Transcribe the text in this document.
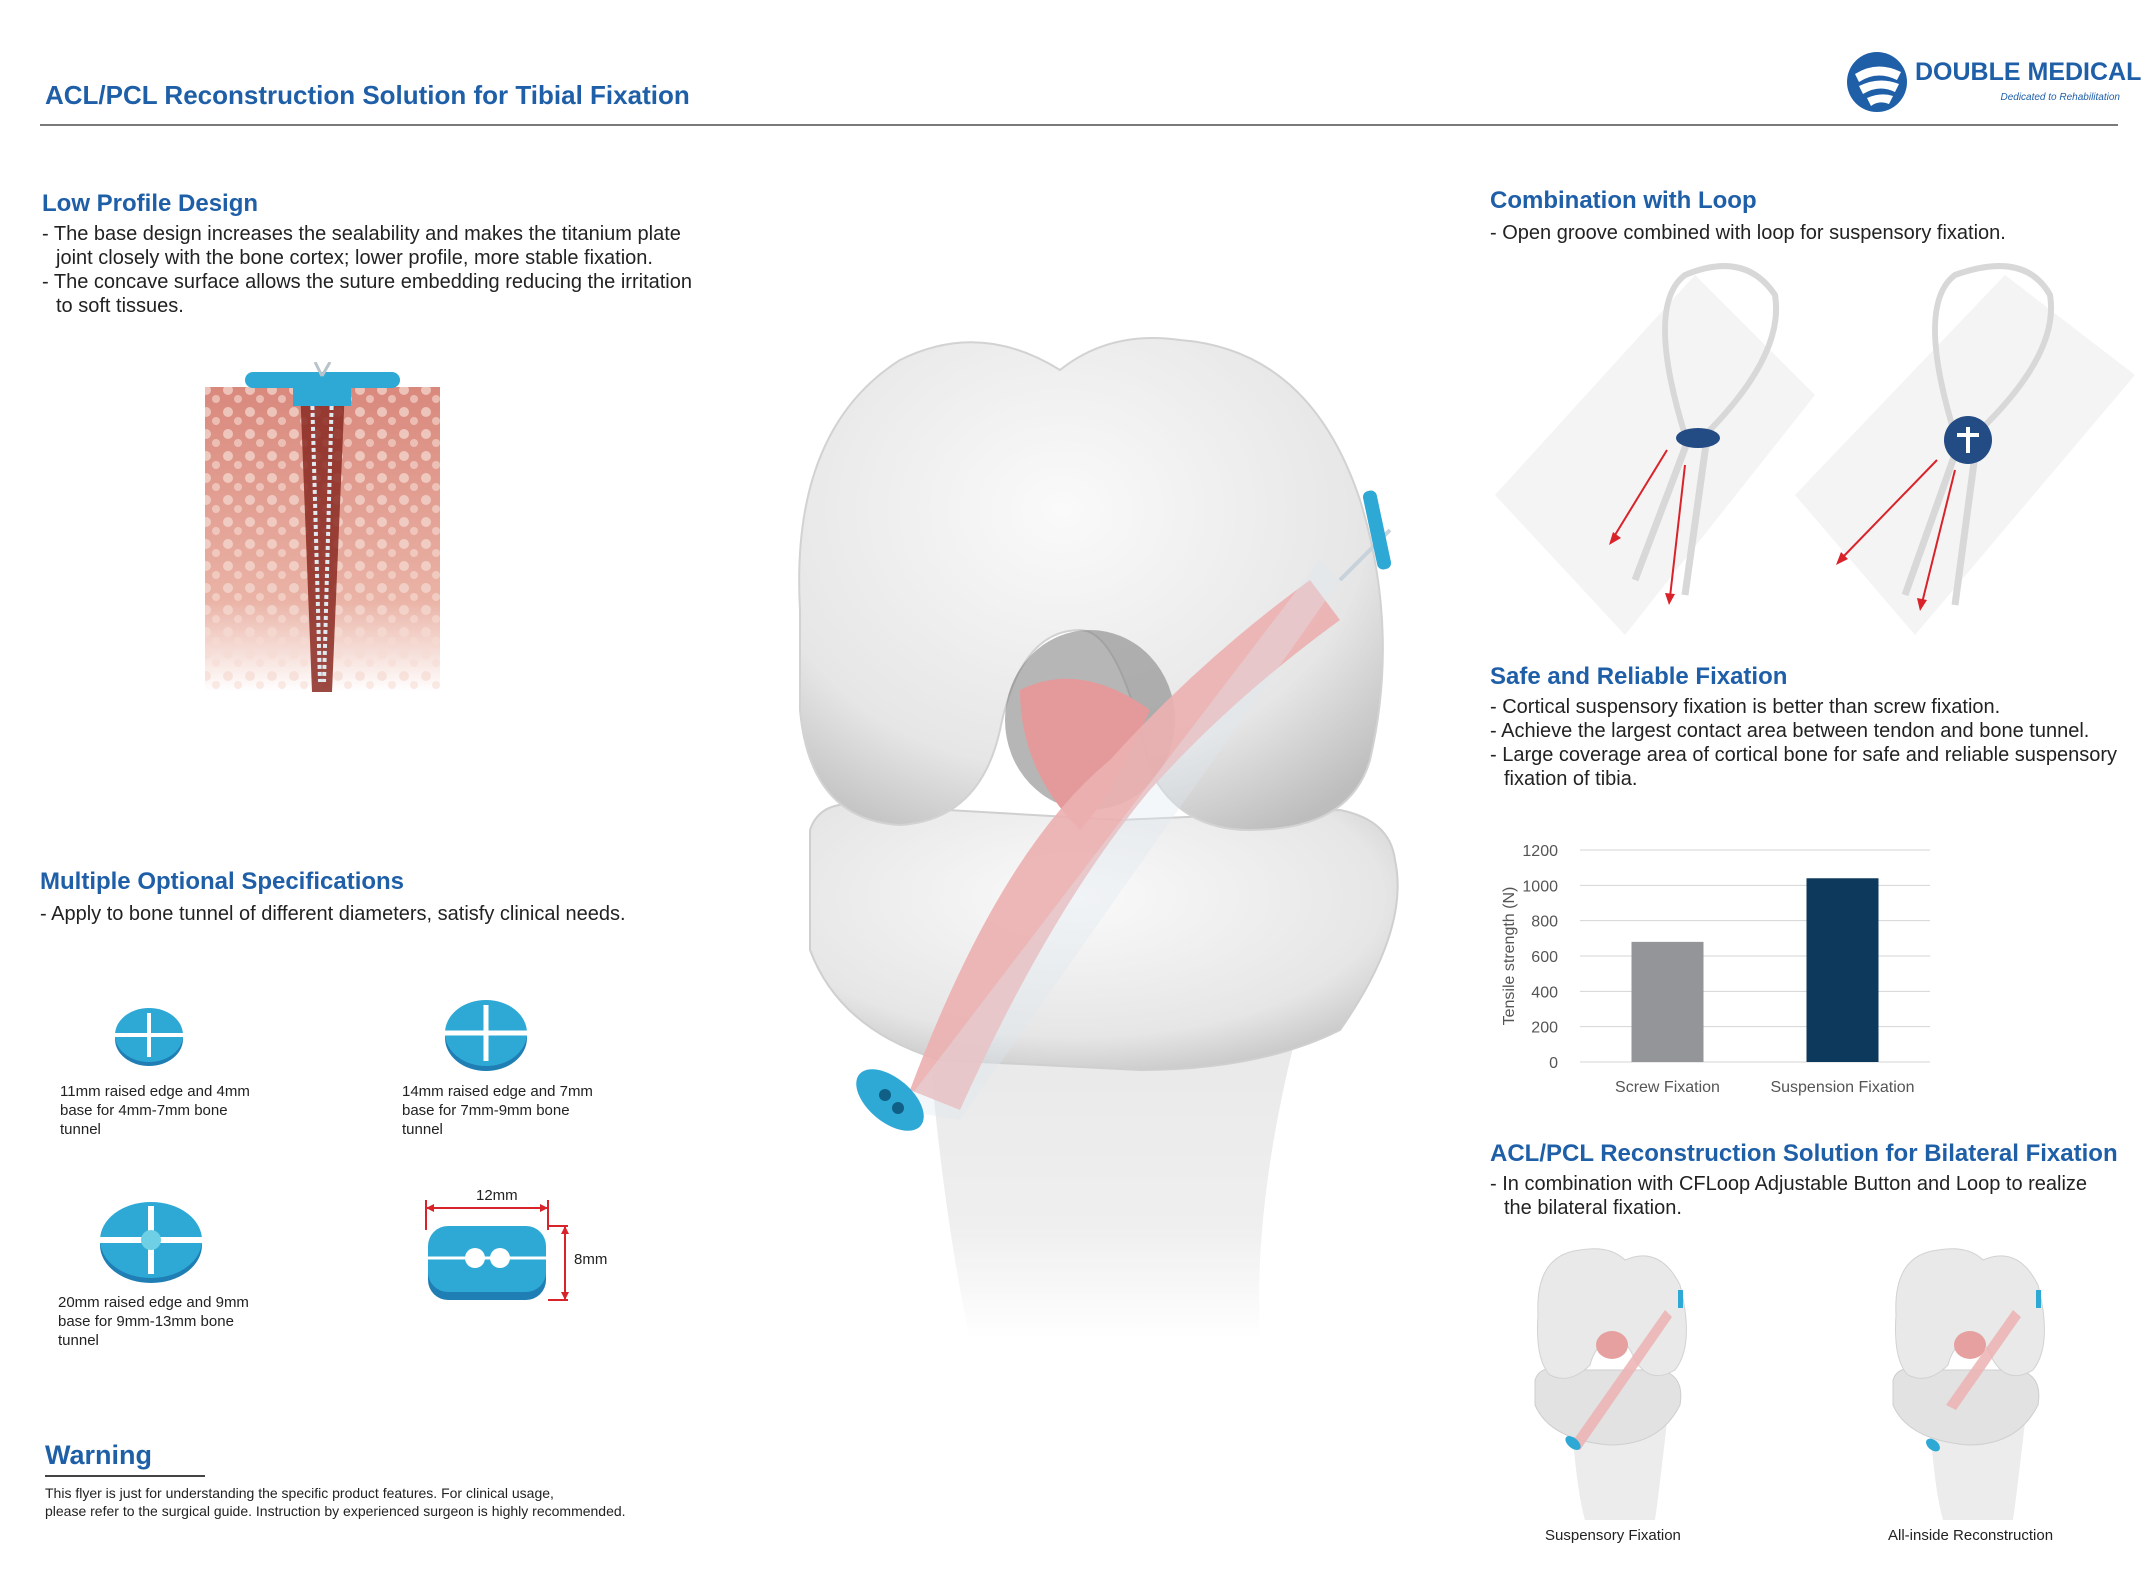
ACL/PCL Reconstruction Solution for Tibial Fixation
DOUBLE MEDICAL
Dedicated to Rehabilitation
Low Profile Design

- The base design increases the sealability and makes the titanium plate joint closely with the bone cortex; lower profile, more stable fixation.

- The concave surface allows the suture embedding reducing the irritation to soft tissues.

Multiple Optional Specifications
- Apply to bone tunnel of different diameters, satisfy clinical needs.
11mm raised edge and 4mm base for 4mm-7mm bone tunnel
14mm raised edge and 7mm base for 7mm-9mm bone tunnel
20mm raised edge and 9mm base for 9mm-13mm bone tunnel
12mm
8mm
Warning
This flyer is just for understanding the specific product features. For clinical usage,
please refer to the surgical guide. Instruction by experienced surgeon is highly recommended.
Combination with Loop
- Open groove combined with loop for suspensory fixation.
Safe and Reliable Fixation

- Cortical suspensory fixation is better than screw fixation.

- Achieve the largest contact area between tendon and bone tunnel.

- Large coverage area of cortical bone for safe and reliable suspensory fixation of tibia.

0
200
400
600
800
1000
1200
Screw Fixation	Suspension Fixation
Tensile strength (N)
ACL/PCL Reconstruction Solution for Bilateral Fixation

- In combination with CFLoop Adjustable Button and Loop to realize the bilateral fixation.

Suspensory Fixation	All-inside Reconstruction
